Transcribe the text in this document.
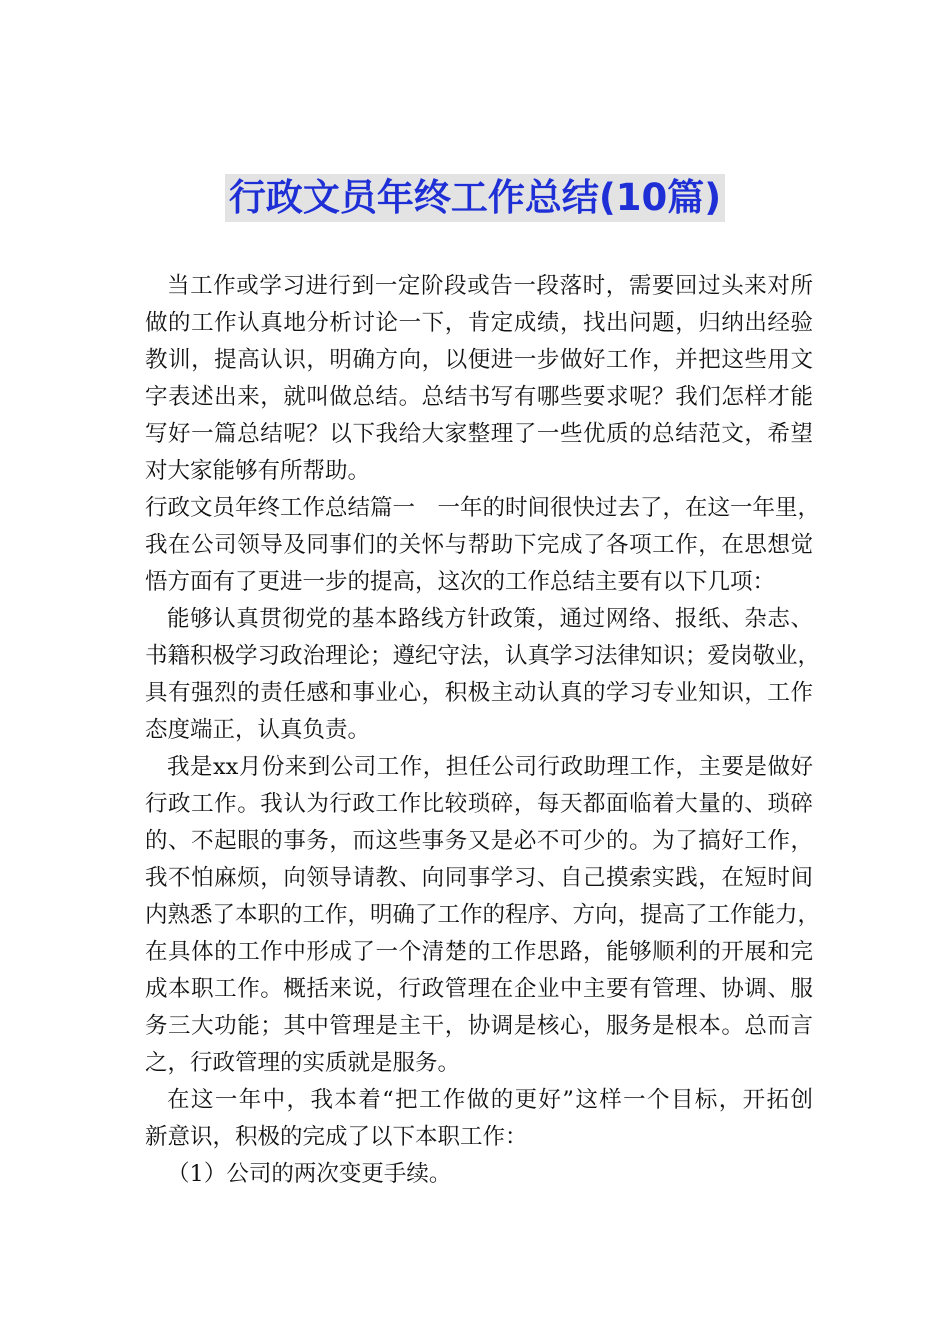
行政文员年终工作总结(10篇)
当工作或学习进行到一定阶段或告一段落时，需要回过头来对所
做的工作认真地分析讨论一下，肯定成绩，找出问题，归纳出经验
教训，提高认识，明确方向，以便进一步做好工作，并把这些用文
字表述出来，就叫做总结。总结书写有哪些要求呢？我们怎样才能
写好一篇总结呢？以下我给大家整理了一些优质的总结范文，希望
对大家能够有所帮助。
行政文员年终工作总结篇一　一年的时间很快过去了，在这一年里，
我在公司领导及同事们的关怀与帮助下完成了各项工作，在思想觉
悟方面有了更进一步的提高，这次的工作总结主要有以下几项：
能够认真贯彻党的基本路线方针政策，通过网络、报纸、杂志、
书籍积极学习政治理论；遵纪守法，认真学习法律知识；爱岗敬业，
具有强烈的责任感和事业心，积极主动认真的学习专业知识，工作
态度端正，认真负责。
我是xx月份来到公司工作，担任公司行政助理工作，主要是做好
行政工作。我认为行政工作比较琐碎，每天都面临着大量的、琐碎
的、不起眼的事务，而这些事务又是必不可少的。为了搞好工作，
我不怕麻烦，向领导请教、向同事学习、自己摸索实践，在短时间
内熟悉了本职的工作，明确了工作的程序、方向，提高了工作能力，
在具体的工作中形成了一个清楚的工作思路，能够顺利的开展和完
成本职工作。概括来说，行政管理在企业中主要有管理、协调、服
务三大功能；其中管理是主干，协调是核心，服务是根本。总而言
之，行政管理的实质就是服务。
在这一年中，我本着“把工作做的更好”这样一个目标，开拓创
新意识，积极的完成了以下本职工作：
（1）公司的两次变更手续。
